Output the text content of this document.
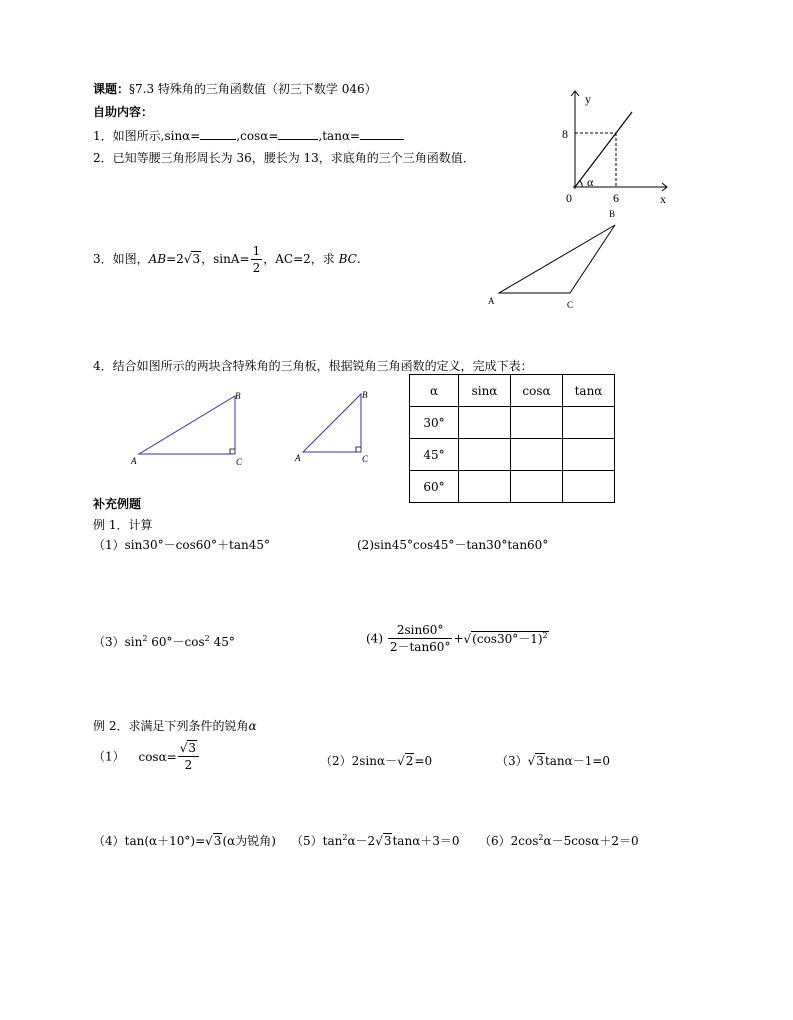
课题：§7.3 特殊角的三角函数值（初三下数学 046）
自助内容：
1．如图所示,sinα=	,cosα=	,tanα=
2．已知等腰三角形周长为 36，腰长为 13，求底角的三个三角函数值．
y
8
α
0	6	x
3．如图，AB=2√3，$\sin A= \frac{1}{2}$ ，AC=2，求 BC.
B
A	C
4．结合如图所示的两块含特殊角的三角板，根据锐角三角函数的定义，完成下表：
B
A	C
B
A	C
α	sinα	cosα	tanα
30°			
45°			
60°			
补充例题
例 1．计算
（1）sin30°－cos60°＋tan45°	(2)sin45°cos45°－tan30°tan60°
$(3)\sin^2$ $60^\circ-\cos^2$ 45°	$(4) \frac{2\sin 60^\circ}{2-\tan 60^\circ} +√(\cos 30^\circ-1)^2$
例 2．求满足下列条件的锐角α
（1） $\cos\alpha= \frac{√3}{2}$	（2）2sinα－√2=0	（3）√3tanα－1=0
（4）tan(α＋10°)=√3(α为锐角) $(5)\tan^2\alpha-2√3\tan\alpha+3=0$ $(6)2\cos^2\alpha-5\cos\alpha+2=0$
